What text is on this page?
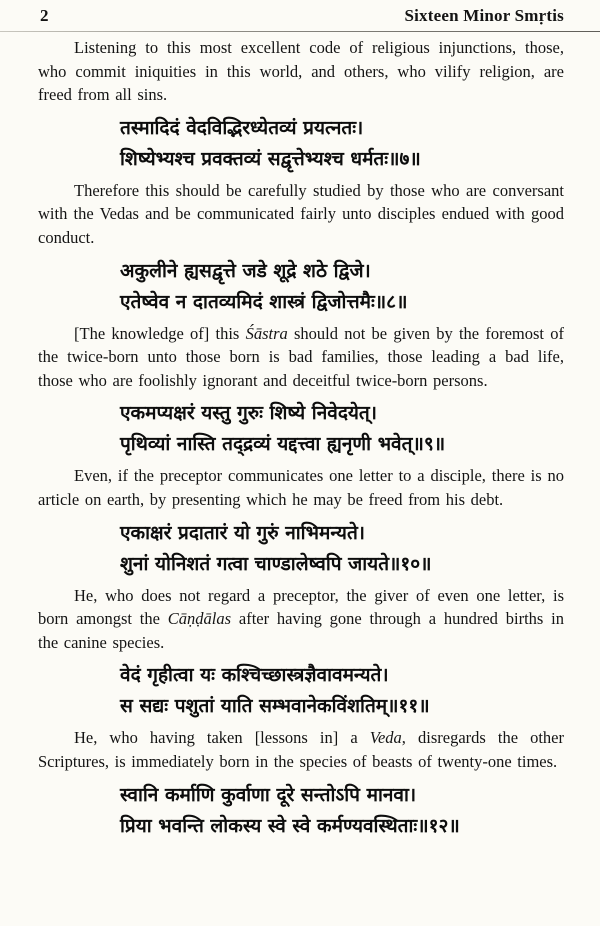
2	Sixteen Minor Smṛtis

Listening to this most excellent code of religious injunctions, those, who commit iniquities in this world, and others, who vilify religion, are freed from all sins.

तस्मादिदं वेदविद्भिरध्येतव्यं प्रयत्नतः।
शिष्येभ्यश्च प्रवक्तव्यं सद्वृत्तेभ्यश्च धर्मतः॥७॥

Therefore this should be carefully studied by those who are conversant with the Vedas and be communicated fairly unto disciples endued with good conduct.

अकुलीने ह्यसद्वृत्ते जडे शूद्रे शठे द्विजे।
एतेष्वेव न दातव्यमिदं शास्त्रं द्विजोत्तमैः॥८॥

[The knowledge of] this Śāstra should not be given by the foremost of the twice-born unto those born is bad families, those leading a bad life, those who are foolishly ignorant and deceitful twice-born persons.

एकमप्यक्षरं यस्तु गुरुः शिष्ये निवेदयेत्।
पृथिव्यां नास्ति तद्द्रव्यं यद्दत्त्वा ह्यनृणी भवेत्॥९॥

Even, if the preceptor communicates one letter to a disciple, there is no article on earth, by presenting which he may be freed from his debt.

एकाक्षरं प्रदातारं यो गुरुं नाभिमन्यते।
शुनां योनिशतं गत्वा चाण्डालेष्वपि जायते॥१०॥

He, who does not regard a preceptor, the giver of even one letter, is born amongst the Cāṇḍālas after having gone through a hundred births in the canine species.

वेदं गृहीत्वा यः कश्चिच्छास्त्रज्ञैवावमन्यते।
स सद्यः पशुतां याति सम्भवानेकविंशतिम्॥११॥

He, who having taken [lessons in] a Veda, disregards the other Scriptures, is immediately born in the species of beasts of twenty-one times.

स्वानि कर्माणि कुर्वाणा दूरे सन्तोऽपि मानवा।
प्रिया भवन्ति लोकस्य स्वे स्वे कर्मण्यवस्थिताः॥१२॥
